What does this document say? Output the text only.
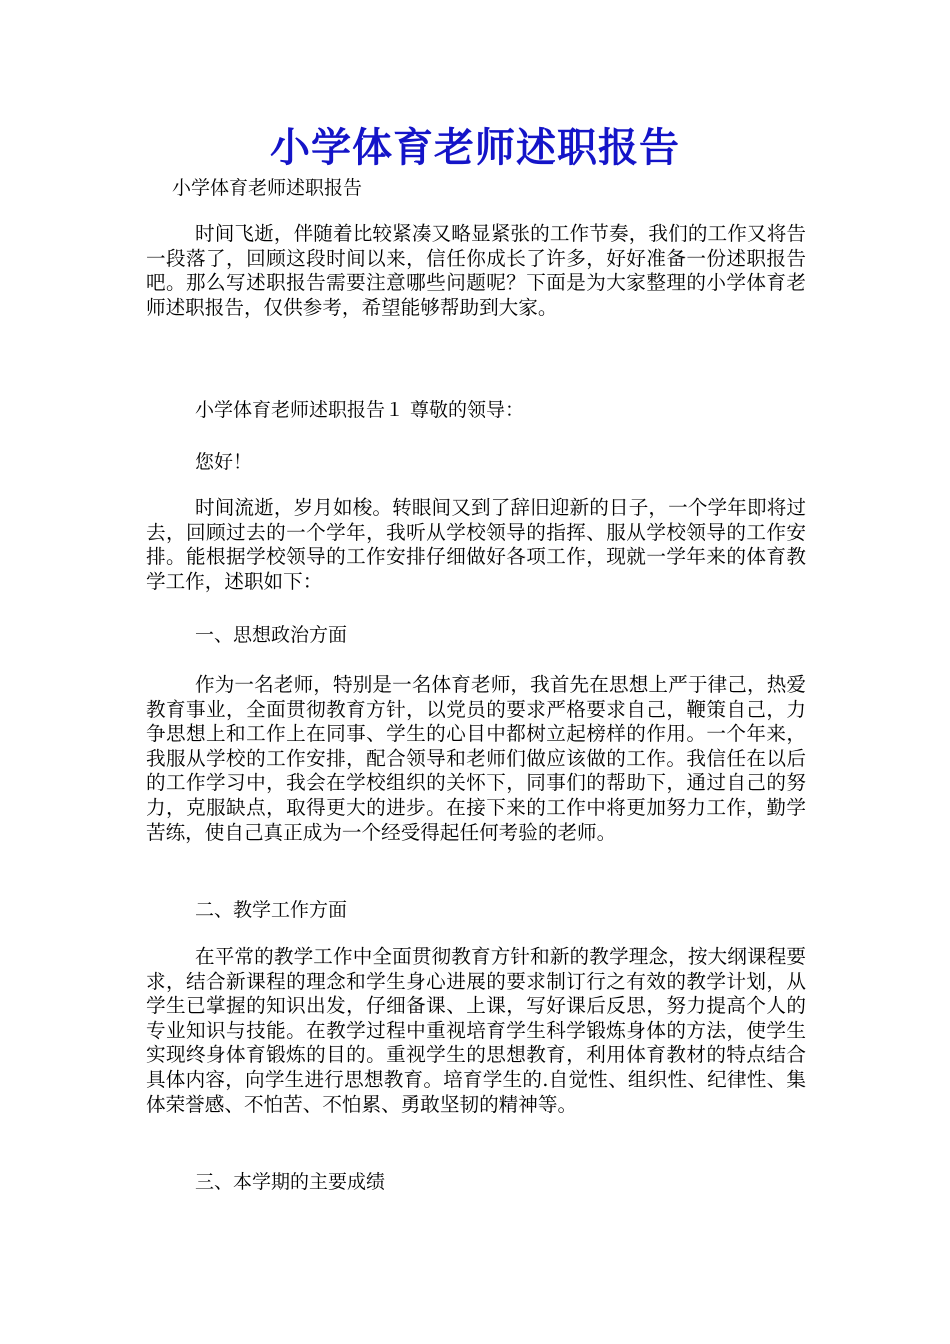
小学体育老师述职报告
小学体育老师述职报告

时间飞逝，伴随着比较紧凑又略显紧张的工作节奏，我们的工作又将告一段落了，回顾这段时间以来，信任你成长了许多，好好准备一份述职报告吧。那么写述职报告需要注意哪些问题呢？下面是为大家整理的小学体育老师述职报告，仅供参考，希望能够帮助到大家。

小学体育老师述职报告１ 尊敬的领导：

您好！

时间流逝，岁月如梭。转眼间又到了辞旧迎新的日子，一个学年即将过去，回顾过去的一个学年，我听从学校领导的指挥、服从学校领导的工作安排。能根据学校领导的工作安排仔细做好各项工作，现就一学年来的体育教学工作，述职如下：

一、思想政治方面

作为一名老师，特别是一名体育老师，我首先在思想上严于律己，热爱教育事业，全面贯彻教育方针，以党员的要求严格要求自己，鞭策自己，力争思想上和工作上在同事、学生的心目中都树立起榜样的作用。一个年来，我服从学校的工作安排，配合领导和老师们做应该做的工作。我信任在以后的工作学习中，我会在学校组织的关怀下，同事们的帮助下，通过自己的努力，克服缺点，取得更大的进步。在接下来的工作中将更加努力工作，勤学苦练，使自己真正成为一个经受得起任何考验的老师。

二、教学工作方面

在平常的教学工作中全面贯彻教育方针和新的教学理念，按大纲课程要求，结合新课程的理念和学生身心进展的要求制订行之有效的教学计划，从学生已掌握的知识出发，仔细备课、上课，写好课后反思，努力提高个人的专业知识与技能。在教学过程中重视培育学生科学锻炼身体的方法，使学生实现终身体育锻炼的目的。重视学生的思想教育，利用体育教材的特点结合具体内容，向学生进行思想教育。培育学生的.自觉性、组织性、纪律性、集体荣誉感、不怕苦、不怕累、勇敢坚韧的精神等。

三、本学期的主要成绩
